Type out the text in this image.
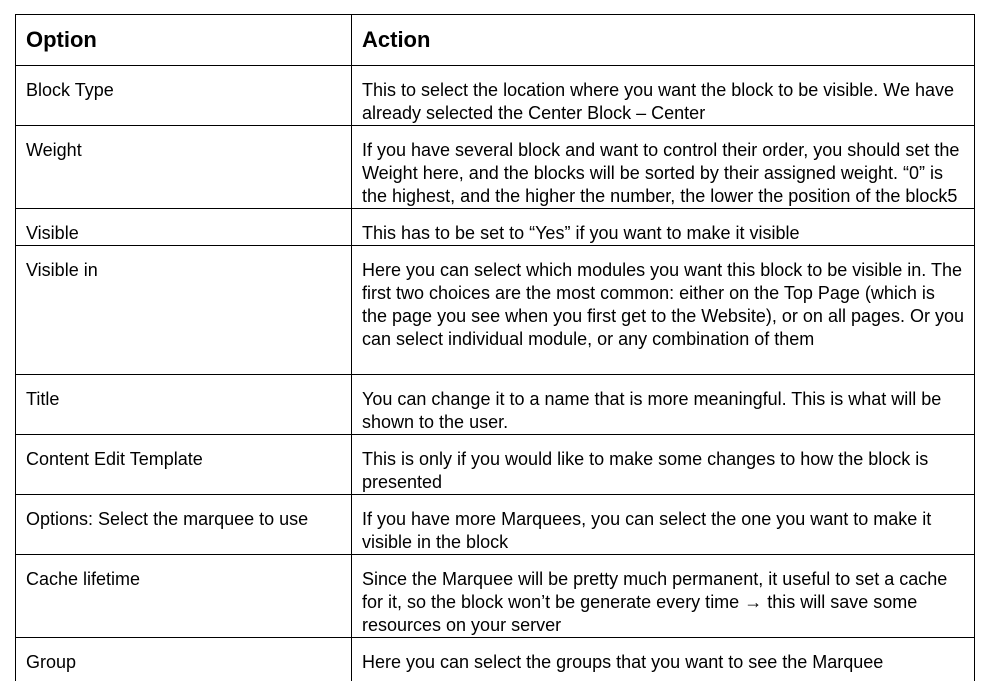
Option	Action
Block Type	This to select the location where you want the block to be visible. We have already selected the Center Block – Center
Weight	If you have several block and want to control their order, you should set the Weight here, and the blocks will be sorted by their assigned weight. “0” is the highest, and the higher the number, the lower the position of the block5
Visible	This has to be set to “Yes” if you want to make it visible
Visible in	Here you can select which modules you want this block to be visible in. The first two choices are the most common: either on the Top Page (which is the page you see when you first get to the Website), or on all pages. Or you can select individual module, or any combination of them
Title	You can change it to a name that is more meaningful. This is what will be shown to the user.
Content Edit Template	This is only if you would like to make some changes to how the block is presented
Options: Select the marquee to use	If you have more Marquees, you can select the one you want to make it visible in the block
Cache lifetime	Since the Marquee will be pretty much permanent, it useful to set a cache for it, so the block won’t be generate every time → this will save some resources on your server
Group	Here you can select the groups that you want to see the Marquee
